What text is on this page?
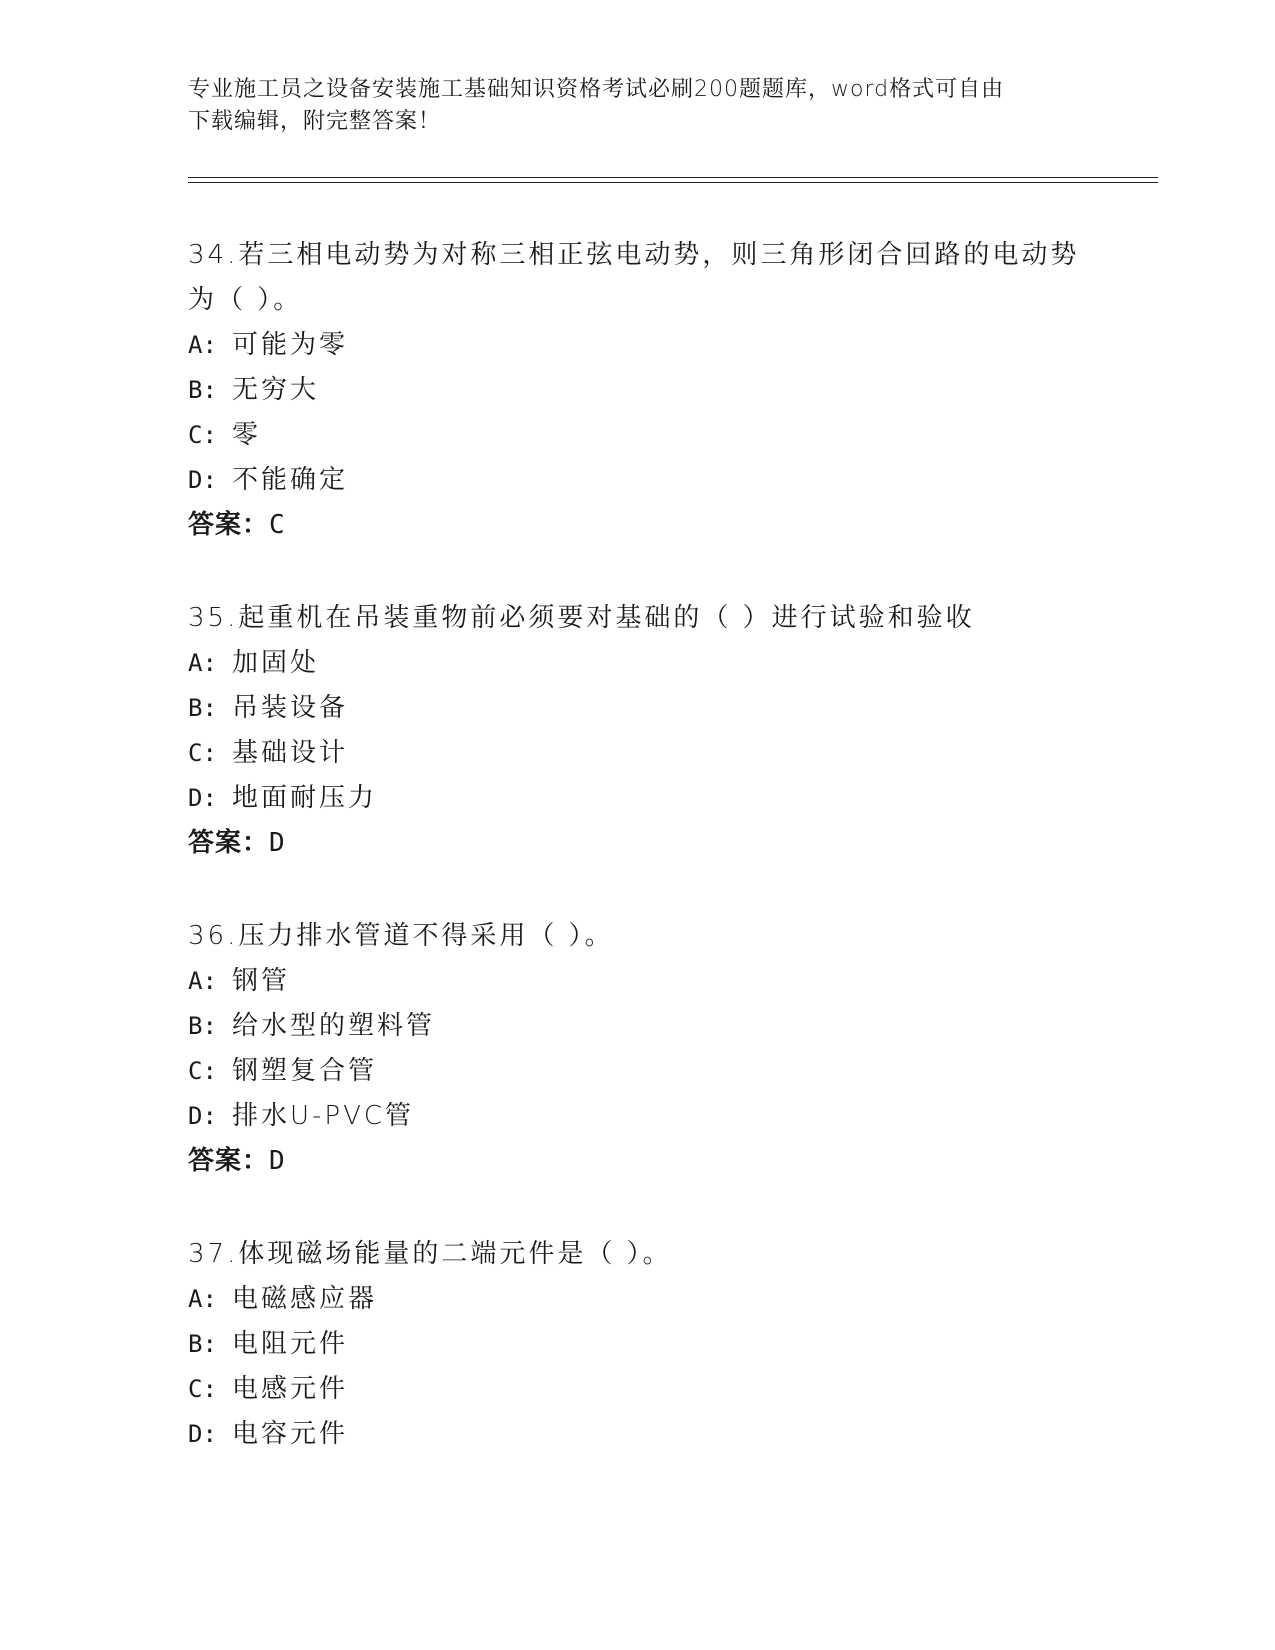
专业施工员之设备安装施工基础知识资格考试必刷200题题库，word格式可自由
下载编辑，附完整答案！
34.若三相电动势为对称三相正弦电动势，则三角形闭合回路的电动势
为（ ）。
A: 可能为零
B: 无穷大
C: 零
D: 不能确定
答案：C
35.起重机在吊装重物前必须要对基础的（ ）进行试验和验收
A: 加固处
B: 吊装设备
C: 基础设计
D: 地面耐压力
答案：D
36.压力排水管道不得采用（ ）。
A: 钢管
B: 给水型的塑料管
C: 钢塑复合管
D: 排水U-PVC管
答案：D
37.体现磁场能量的二端元件是（ ）。
A: 电磁感应器
B: 电阻元件
C: 电感元件
D: 电容元件
